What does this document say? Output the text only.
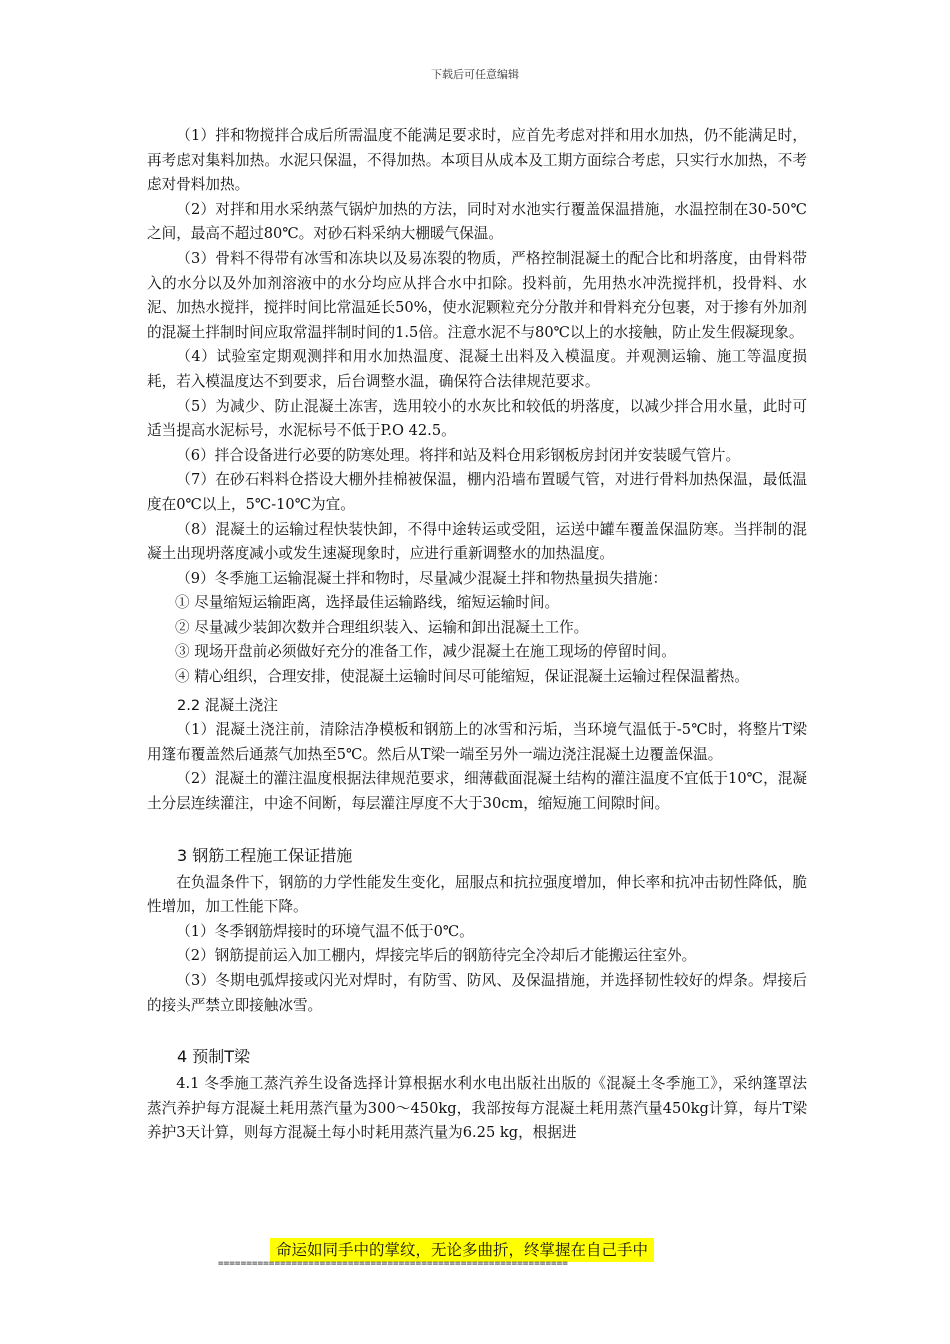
下载后可任意编辑

（1）拌和物搅拌合成后所需温度不能满足要求时，应首先考虑对拌和用水加热，仍不能满足时，再考虑对集料加热。水泥只保温，不得加热。本项目从成本及工期方面综合考虑，只实行水加热，不考虑对骨料加热。

（2）对拌和用水采纳蒸气锅炉加热的方法，同时对水池实行覆盖保温措施，水温控制在30-50℃之间，最高不超过80℃。对砂石料采纳大棚暖气保温。

（3）骨料不得带有冰雪和冻块以及易冻裂的物质，严格控制混凝土的配合比和坍落度，由骨料带入的水分以及外加剂溶液中的水分均应从拌合水中扣除。投料前，先用热水冲洗搅拌机，投骨料、水泥、加热水搅拌，搅拌时间比常温延长50%，使水泥颗粒充分分散并和骨料充分包裹，对于掺有外加剂的混凝土拌制时间应取常温拌制时间的1.5倍。注意水泥不与80℃以上的水接触，防止发生假凝现象。

（4）试验室定期观测拌和用水加热温度、混凝土出料及入模温度。并观测运输、施工等温度损耗，若入模温度达不到要求，后台调整水温，确保符合法律规范要求。

（5）为减少、防止混凝土冻害，选用较小的水灰比和较低的坍落度，以减少拌合用水量，此时可适当提高水泥标号，水泥标号不低于P.O 42.5。

（6）拌合设备进行必要的防寒处理。将拌和站及料仓用彩钢板房封闭并安装暖气管片。

（7）在砂石料料仓搭设大棚外挂棉被保温，棚内沿墙布置暖气管，对进行骨料加热保温，最低温度在0℃以上，5℃-10℃为宜。

（8）混凝土的运输过程快装快卸，不得中途转运或受阻，运送中罐车覆盖保温防寒。当拌制的混凝土出现坍落度减小或发生速凝现象时，应进行重新调整水的加热温度。

（9）冬季施工运输混凝土拌和物时，尽量减少混凝土拌和物热量损失措施：

① 尽量缩短运输距离，选择最佳运输路线，缩短运输时间。

② 尽量减少装卸次数并合理组织装入、运输和卸出混凝土工作。

③ 现场开盘前必须做好充分的准备工作，减少混凝土在施工现场的停留时间。

④ 精心组织，合理安排，使混凝土运输时间尽可能缩短，保证混凝土运输过程保温蓄热。

2.2 混凝土浇注

（1）混凝土浇注前，清除洁净模板和钢筋上的冰雪和污垢，当环境气温低于-5℃时，将整片T梁用篷布覆盖然后通蒸气加热至5℃。然后从T梁一端至另外一端边浇注混凝土边覆盖保温。

（2）混凝土的灌注温度根据法律规范要求，细薄截面混凝土结构的灌注温度不宜低于10℃，混凝土分层连续灌注，中途不间断，每层灌注厚度不大于30cm，缩短施工间隙时间。

3 钢筋工程施工保证措施

在负温条件下，钢筋的力学性能发生变化，屈服点和抗拉强度增加，伸长率和抗冲击韧性降低，脆性增加，加工性能下降。

（1）冬季钢筋焊接时的环境气温不低于0℃。

（2）钢筋提前运入加工棚内，焊接完毕后的钢筋待完全冷却后才能搬运往室外。

（3）冬期电弧焊接或闪光对焊时，有防雪、防风、及保温措施，并选择韧性较好的焊条。焊接后的接头严禁立即接触冰雪。

4 预制T梁

4.1 冬季施工蒸汽养生设备选择计算根据水利水电出版社出版的《混凝土冬季施工》，采纳篷罩法蒸汽养护每方混凝土耗用蒸汽量为300～450kg，我部按每方混凝土耗用蒸汽量450kg计算，每片T梁养护3天计算，则每方混凝土每小时耗用蒸汽量为6.25 kg，根据进

命运如同手中的掌纹，无论多曲折，终掌握在自己手中
==============================================================
